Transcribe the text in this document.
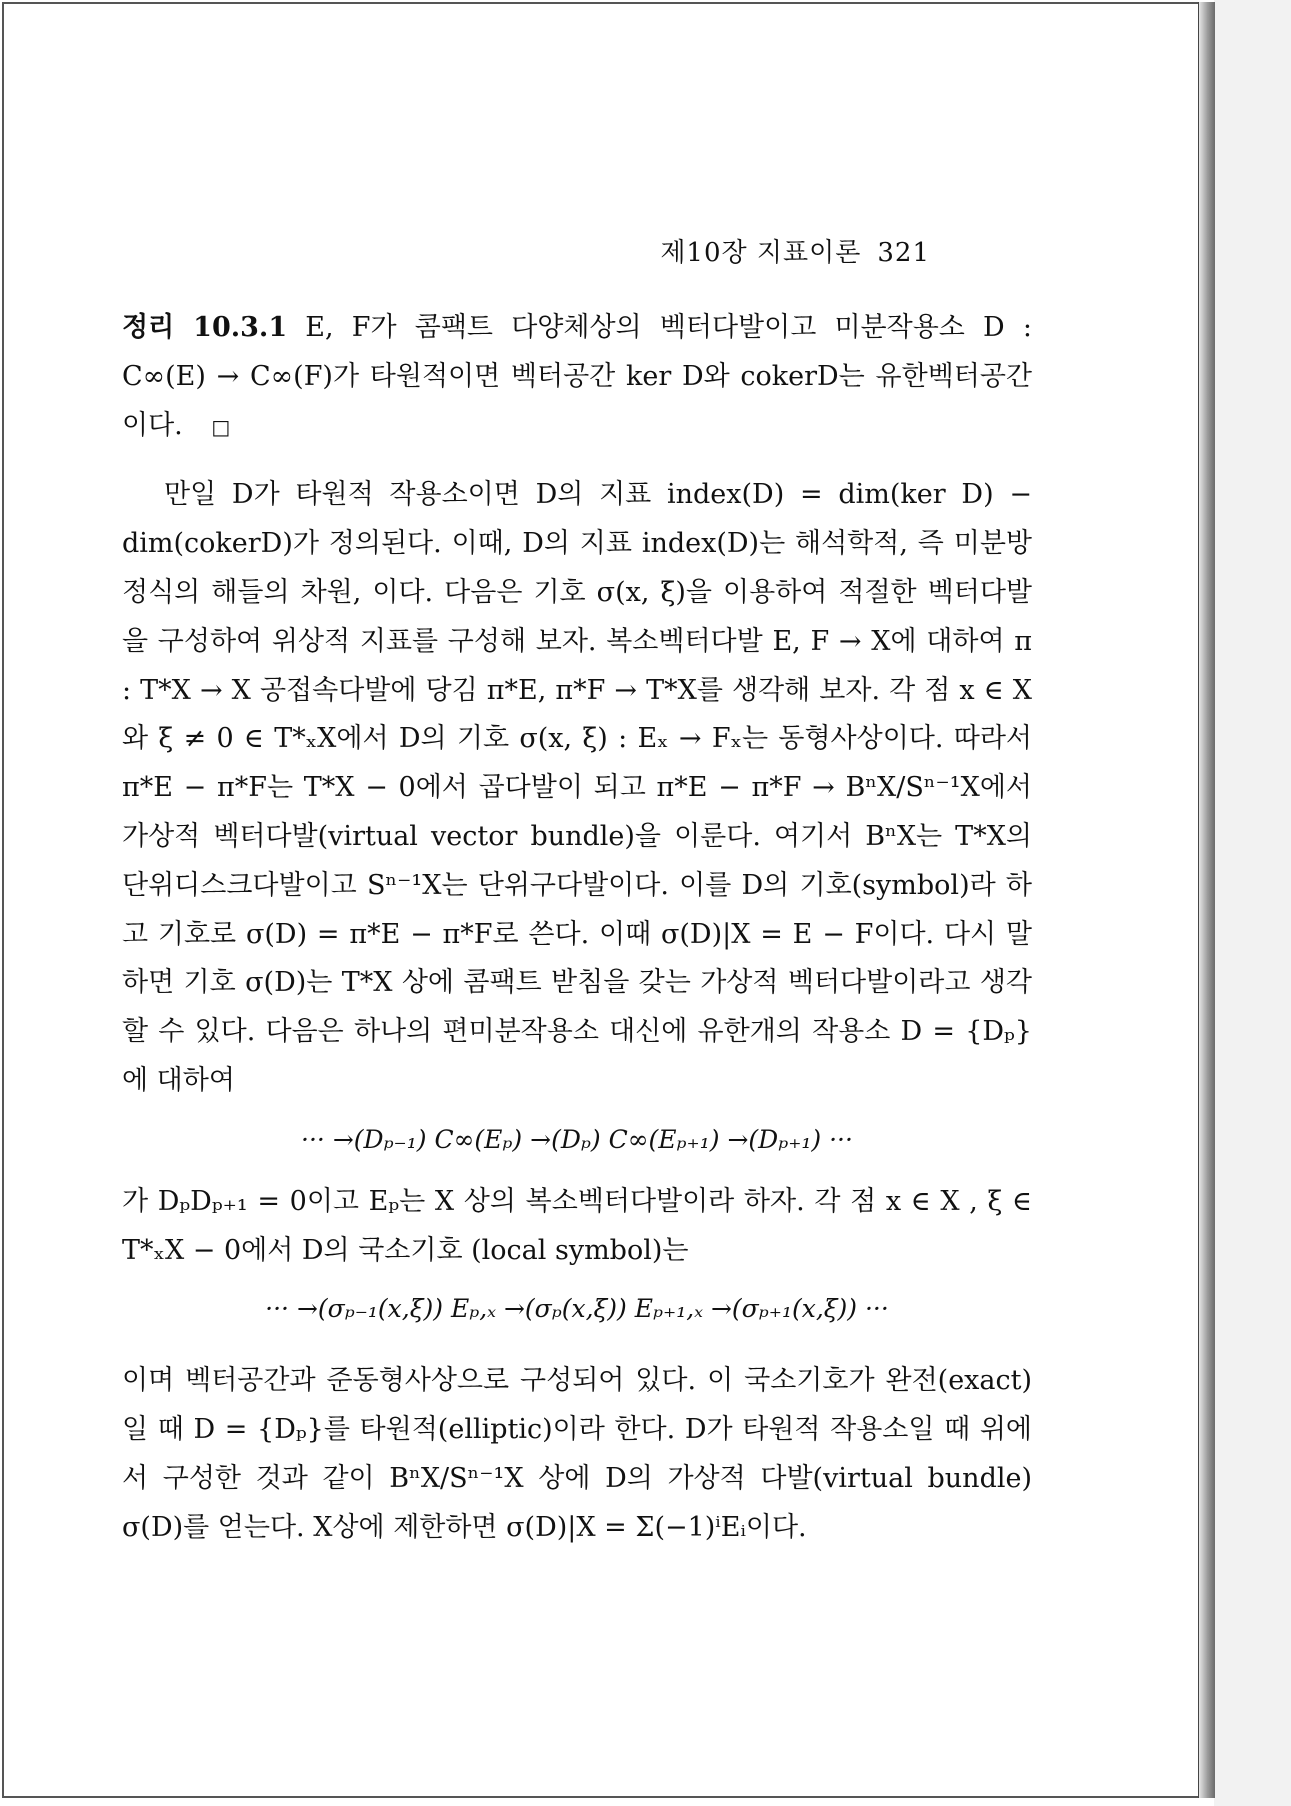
제10장 지표이론 321

정리 10.3.1 E, F가 콤팩트 다양체상의 벡터다발이고 미분작용소 D : C∞(E) → C∞(F)가 타원적이면 벡터공간 ker D와 cokerD는 유한벡터공간이다. □

만일 D가 타원적 작용소이면 D의 지표 index(D) = dim(ker D) − dim(cokerD)가 정의된다. 이때, D의 지표 index(D)는 해석학적, 즉 미분방정식의 해들의 차원, 이다. 다음은 기호 σ(x, ξ)을 이용하여 적절한 벡터다발을 구성하여 위상적 지표를 구성해 보자. 복소벡터다발 E, F → X에 대하여 π : T*X → X 공접속다발에 당김 π*E, π*F → T*X를 생각해 보자. 각 점 x ∈ X와 ξ ≠ 0 ∈ T*ₓX에서 D의 기호 σ(x, ξ) : Eₓ → Fₓ는 동형사상이다. 따라서 π*E − π*F는 T*X − 0에서 곱다발이 되고 π*E − π*F → BⁿX/Sⁿ⁻¹X에서 가상적 벡터다발(virtual vector bundle)을 이룬다. 여기서 BⁿX는 T*X의 단위디스크다발이고 Sⁿ⁻¹X는 단위구다발이다. 이를 D의 기호(symbol)라 하고 기호로 σ(D) = π*E − π*F로 쓴다. 이때 σ(D)|X = E − F이다. 다시 말하면 기호 σ(D)는 T*X 상에 콤팩트 받침을 갖는 가상적 벡터다발이라고 생각할 수 있다. 다음은 하나의 편미분작용소 대신에 유한개의 작용소 D = {Dₚ}에 대하여

··· →(Dₚ₋₁) C∞(Eₚ) →(Dₚ) C∞(Eₚ₊₁) →(Dₚ₊₁) ···

가 DₚDₚ₊₁ = 0이고 Eₚ는 X 상의 복소벡터다발이라 하자. 각 점 x ∈ X , ξ ∈ T*ₓX − 0에서 D의 국소기호 (local symbol)는

··· →(σₚ₋₁(x,ξ)) Eₚ,ₓ →(σₚ(x,ξ)) Eₚ₊₁,ₓ →(σₚ₊₁(x,ξ)) ···

이며 벡터공간과 준동형사상으로 구성되어 있다. 이 국소기호가 완전(exact)일 때 D = {Dₚ}를 타원적(elliptic)이라 한다. D가 타원적 작용소일 때 위에서 구성한 것과 같이 BⁿX/Sⁿ⁻¹X 상에 D의 가상적 다발(virtual bundle) σ(D)를 얻는다. X상에 제한하면 σ(D)|X = Σ(−1)ⁱEᵢ이다.
